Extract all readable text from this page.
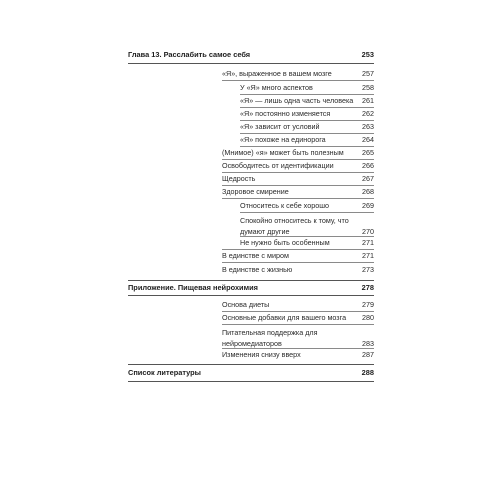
Глава 13. Расслабить самое себя	253
«Я», выраженное в вашем мозге	257
У «Я» много аспектов	258
«Я» — лишь одна часть человека 261
«Я» постоянно изменяется	262
«Я» зависит от условий	263
«Я» похоже на единорога	264
(Мнимое) «я» может быть полезным	265
Освободитесь от идентификации	266
Щедрость	267
Здоровое смирение	268
Относитесь к себе хорошо	269
Спокойно относитесь к тому, что думают другие	270
Не нужно быть особенным	271
В единстве с миром	271
В единстве с жизнью	273
Приложение. Пищевая нейрохимия	278
Основа диеты	279
Основные добавки для вашего мозга 280
Питательная поддержка для нейромедиаторов	283
Изменения снизу вверх	287
Список литературы	288
